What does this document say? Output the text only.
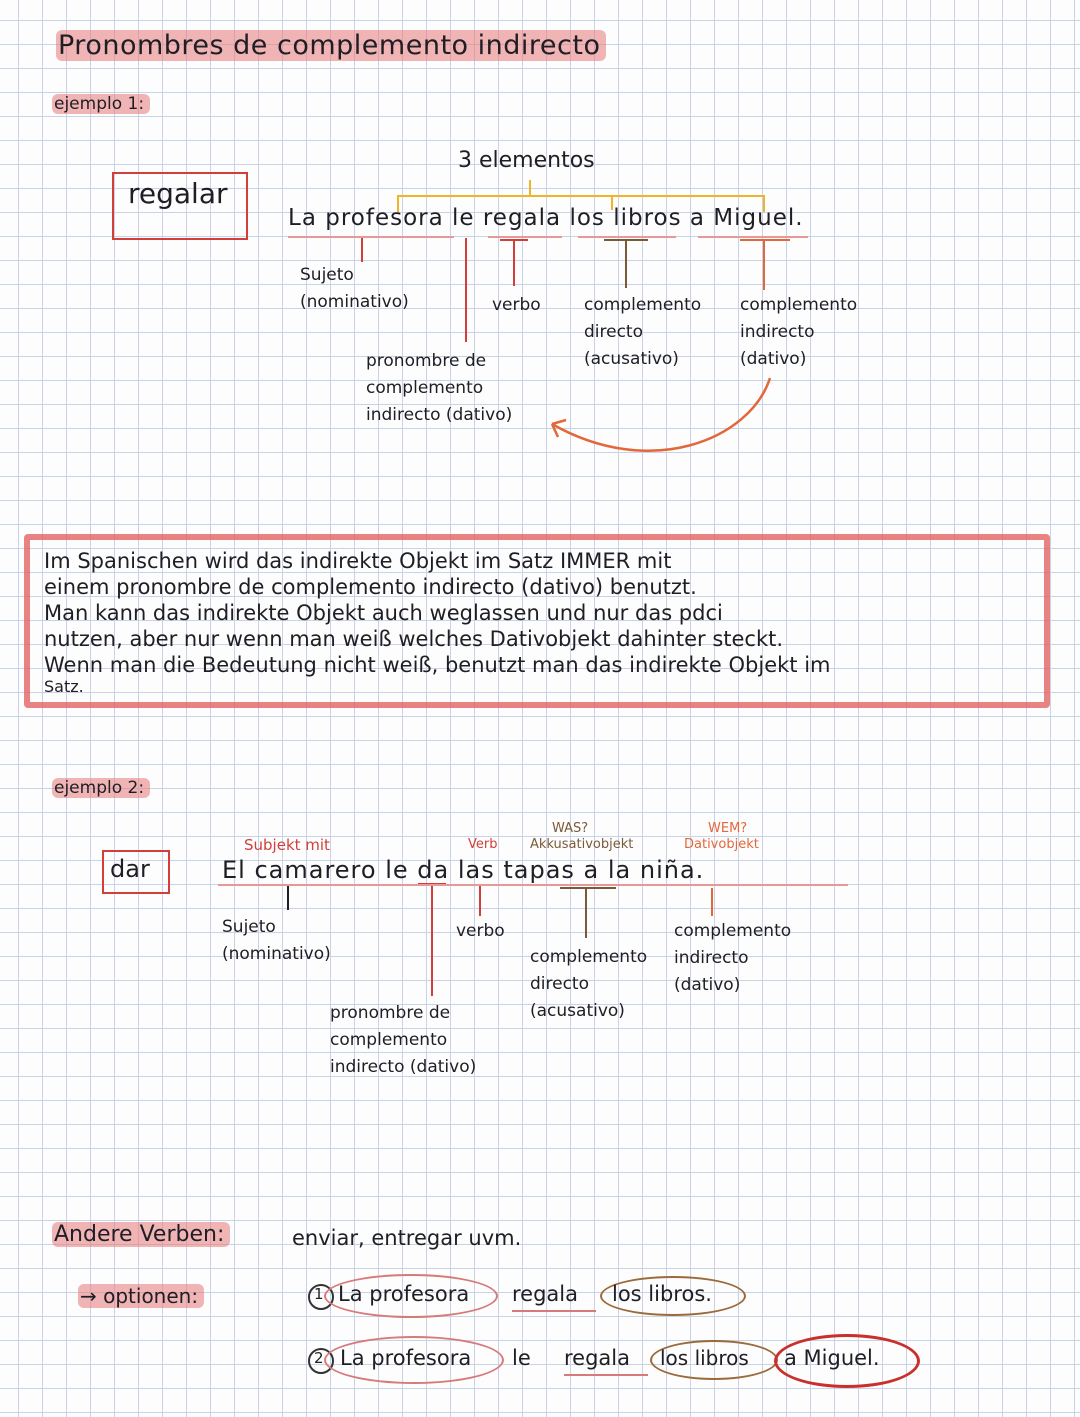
Pronombres de complemento indirecto
ejemplo 1:
regalar
3 elementos
La profesora le regala los libros a Miguel.
Sujeto
(nominativo)	verbo	complemento
directo
(acusativo)
complemento
indirecto
(dativo)
pronombre de
complemento
indirecto (dativo)
Im Spanischen wird das indirekte Objekt im Satz IMMER mit
einem pronombre de complemento indirecto (dativo) benutzt.
Man kann das indirekte Objekt auch weglassen und nur das pdci
nutzen, aber nur wenn man weiß welches Dativobjekt dahinter steckt.
Wenn man die Bedeutung nicht weiß, benutzt man das indirekte Objekt im
Satz.
ejemplo 2:
dar
Subjekt mit	Verb
WAS?
Akkusativobjekt
WEM?
Dativobjekt
El camarero le da las tapas a la niña.
Sujeto
(nominativo)
verbo
complemento
directo
(acusativo)
complemento
indirecto
(dativo)
pronombre de
complemento
indirecto (dativo)
Andere Verben:	enviar, entregar uvm.
→ optionen:	1 La profesora regala los libros.
2 La profesora le regala los libros a Miguel.
